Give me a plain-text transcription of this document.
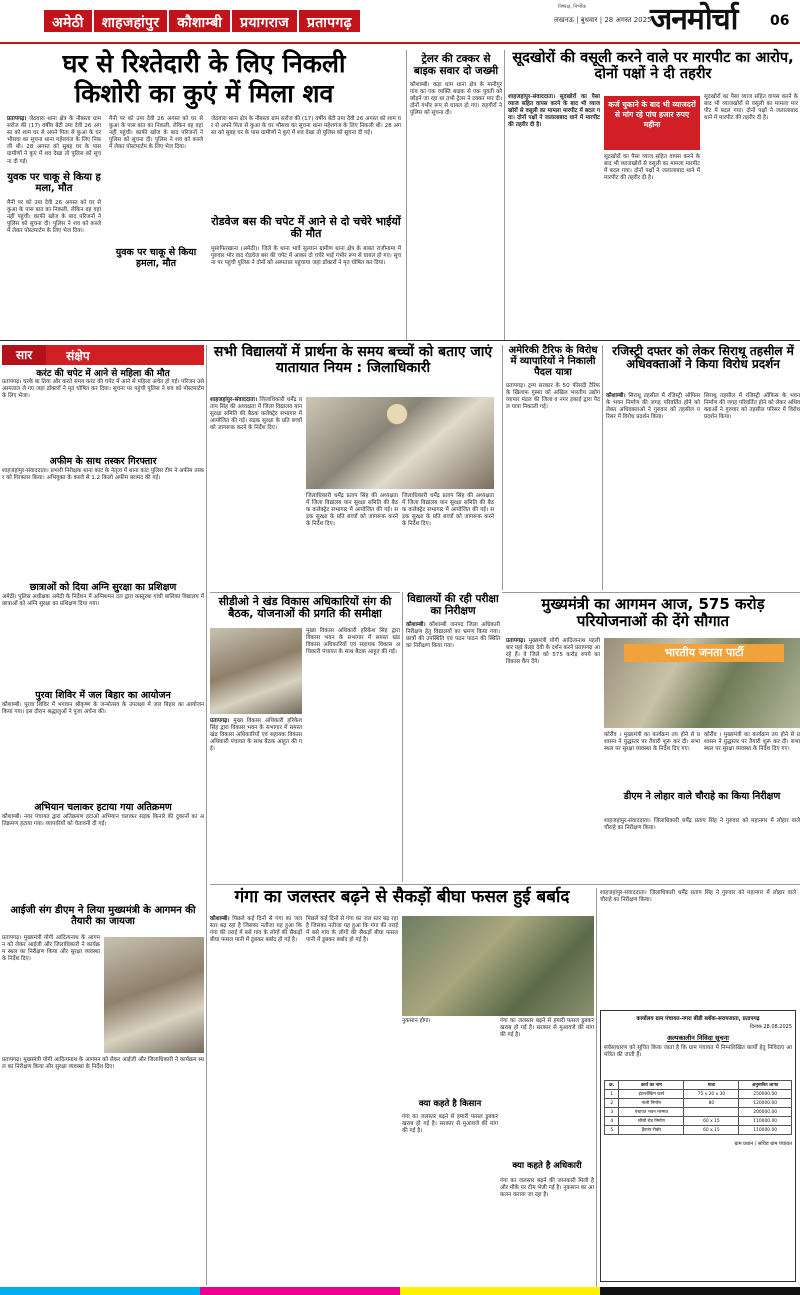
अमेठी	शाहजहांपुर	कौशाम्बी	प्रयागराज	प्रतापगढ़
निष्पक्ष, निर्भीक
लखनऊ | बुधवार | 28 अगस्त 2025
जनमोर्चा 06
घर से रिश्तेदारी के लिए निकली
किशोरी का कुएं में मिला शव
प्रतापगढ़। जेठवारा थाना क्षेत्र के नौबस्ता ग्राम सरोज की (17) वर्षीय बेटी उमा देवी 26 अगस्त को शाम घर से अपने पिता से कुआ के घर भौसवा का सूचना थाना महेशगंज के लिए निकली थी। 28 अगस्त को सुबह घर के पास ग्रामीणों ने कुएं में शव देखा तो पुलिस को सूचना दी गई।
युवक पर चाकू से किया हमला, मौत
मैनी पर को उमा देवी 26 अगस्त को घर से कुआ के पास बात का निकली, लेकिन वह वहां नहीं पहुंची। काफी खोज के बाद परिजनों ने पुलिस को सूचना दी। पुलिस ने शव को कब्जे में लेकर पोस्टमार्टम के लिए भेज दिया।
मैनी पर को उमा देवी 26 अगस्त को घर से कुआ के पास बात का निकली, लेकिन वह वहां नहीं पहुंची। काफी खोज के बाद परिजनों ने पुलिस को सूचना दी। पुलिस ने शव को कब्जे में लेकर पोस्टमार्टम के लिए भेज दिया।
जेठवारा थाना क्षेत्र के नौबस्ता ग्राम सरोज की (17) वर्षीय बेटी उमा देवी 26 अगस्त को शाम घर से अपने पिता से कुआ के घर भौसवा का सूचना थाना महेशगंज के लिए निकली थी। 28 अगस्त को सुबह घर के पास ग्रामीणों ने कुएं में शव देखा तो पुलिस को सूचना दी गई।
रोडवेज बस की चपेट में आने से दो चचेरे भाईयों की मौत
मुसाफिरखाना (अमेठी)। जिले के थाना भावे सुल्तान ग्रामीण थाना क्षेत्र के बाबत राजीनामा में गुरुवार भोर वाद रोडवेज बस की चपेट में आकर दो चचेरे भाई गंभीर रूप से घायल हो गए। सूचना पर पहुंची पुलिस ने दोनों को अस्पताल पहुंचाया जहां डॉक्टरों ने मृत घोषित कर दिया।
युवक पर चाकू से किया हमला, मौत
ट्रेलर की टक्कर से बाइक सवार दो जख्मी
कौशाम्बी। कड़ा धाम थाना क्षेत्र के मानीगुर गांव का एक व्यक्ति बाइक से एक युवती को छोड़ने जा रहा था तभी ट्रेलर ने टक्कर मार दी। दोनों गंभीर रूप से घायल हो गए। राहगीरों ने पुलिस को सूचना दी।
सूदखोरों की वसूली करने वाले पर मारपीट का आरोप, दोनों पक्षों ने दी तहरीर
शाहजहांपुर-संवाददाता। सूदखोरों का पैसा व्याज सहित वापस करने के बाद भी व्याजखोरों से वसूली का मामला मारपीट में बदल गया। दोनों पक्षों ने जलालाबाद थाने में मारपीट की तहरीर दी है।
कर्ज चुकाने के बाद भी व्याजदरों से मांग रहे पांच हजार रुपए महीना
सूदखोरों का पैसा व्याज सहित वापस करने के बाद भी व्याजखोरों से वसूली का मामला मारपीट में बदल गया। दोनों पक्षों ने जलालाबाद थाने में मारपीट की तहरीर दी है।
सूदखोरों का पैसा व्याज सहित वापस करने के बाद भी व्याजखोरों से वसूली का मामला मारपीट में बदल गया। दोनों पक्षों ने जलालाबाद थाने में मारपीट की तहरीर दी है।
सार	संक्षेप
करंट की चपेट में आने से महिला की मौत
प्रतापगढ़। घरके बा तिया और करते समय करंट की चपेट में आने से महिला अचेत हो गई। परिजन उसे अस्पताल ले गए जहां डॉक्टरों ने मृत घोषित कर दिया। सूचना पर पहुंची पुलिस ने शव को पोस्टमार्टम के लिए भेजा।
अफीम के साथ तस्कर गिरफ्तार
शाहजहांपुर-संवाददाता। प्रभारी निरीक्षक थाना कांट के नेतृत्व में थाना कांट पुलिस टीम ने अफीम तस्कर को गिरफ्तार किया। अभियुक्त के कब्जे से 1.2 किलो अफीम बरामद की गई।
छात्राओं को दिया अग्नि सुरक्षा का प्रशिक्षण
अमेठी। पुलिस अधीक्षक अमेठी के निर्देशन में अग्निशमन दल द्वारा कस्तूरबा गांधी बालिका विद्यालय में छात्राओं को अग्नि सुरक्षा का प्रशिक्षण दिया गया।
पुरवा शिविर में जल बिहार का आयोजन
कौशाम्बी। पुरवा शिविर में भगवान श्रीकृष्ण के जन्मोत्सव के उपलक्ष्य में जल बिहार का आयोजन किया गया। इस दौरान श्रद्धालुओं ने पूजा अर्चना की।
अभियान चलाकर हटाया गया अतिक्रमण
कौशाम्बी। नगर पंचायत द्वारा अतिक्रमण हटाओ अभियान चलाकर सड़क किनारे की दुकानों का अतिक्रमण हटाया गया। व्यापारियों को चेतावनी दी गई।
आईजी संग डीएम ने लिया मुख्यमंत्री के आगमन की तैयारी का जायजा
प्रतापगढ़। मुख्यमंत्री योगी आदित्यनाथ के आगमन को लेकर आईजी और जिलाधिकारी ने कार्यक्रम स्थल का निरीक्षण किया और सुरक्षा व्यवस्था के निर्देश दिए।
प्रतापगढ़। मुख्यमंत्री योगी आदित्यनाथ के आगमन को लेकर आईजी और जिलाधिकारी ने कार्यक्रम स्थल का निरीक्षण किया और सुरक्षा व्यवस्था के निर्देश दिए।
सभी विद्यालयों में प्रार्थना के समय बच्चों को बताए जाएं यातायात नियम : जिलाधिकारी
शाहजहांपुर-संवाददाता। जिलाधिकारी धर्मेंद्र प्रताप सिंह की अध्यक्षता में जिला विद्यालय यान सुरक्षा समिति की बैठक कलेक्ट्रेट सभागार में आयोजित की गई। सड़क सुरक्षा के प्रति बच्चों को जागरूक करने के निर्देश दिए।
जिलाधिकारी धर्मेंद्र प्रताप सिंह की अध्यक्षता में जिला विद्यालय यान सुरक्षा समिति की बैठक कलेक्ट्रेट सभागार में आयोजित की गई। सड़क सुरक्षा के प्रति बच्चों को जागरूक करने के निर्देश दिए।
जिलाधिकारी धर्मेंद्र प्रताप सिंह की अध्यक्षता में जिला विद्यालय यान सुरक्षा समिति की बैठक कलेक्ट्रेट सभागार में आयोजित की गई। सड़क सुरक्षा के प्रति बच्चों को जागरूक करने के निर्देश दिए।
सीडीओ ने खंड विकास अधिकारियों संग की बैठक, योजनाओं की प्रगति की समीक्षा
प्रतापगढ़। मुख्य विकास अधिकारी हरिकेश सिंह द्वारा विकास भवन के सभागार में समस्त खंड विकास अधिकारियों एवं सहायक विकास अधिकारी पंचायत के साथ बैठक आहूत की गई।
मुख्य विकास अधिकारी हरिकेश सिंह द्वारा विकास भवन के सभागार में समस्त खंड विकास अधिकारियों एवं सहायक विकास अधिकारी पंचायत के साथ बैठक आहूत की गई।
विद्यालयों की रही परीक्षा का निरीक्षण
कौशाम्बी। कौशाम्बी जनपद जिला अधिकारी निरीक्षण हेतु विद्यालयों का भ्रमण किया गया। छात्रों की उपस्थिति एवं पठन पाठन की स्थिति का निरीक्षण किया गया।
अमेरिकी टैरिफ के विरोध में व्यापारियों ने निकाली पैदल यात्रा
प्रतापगढ़। ट्रम्प सरकार के 50 फीसदी टैरिफ के खिलाफ गुस्सा को अखिल भारतीय उद्योग व्यापार मंडल की जिला व नगर इकाई द्वारा पैदल यात्रा निकाली गई।
रजिस्ट्री दफ्तर को लेकर सिराथू तहसील में अधिवक्ताओं ने किया विरोध प्रदर्शन
कौशाम्बी। सिराथू तहसील में रजिस्ट्री ऑफिस के भवन निर्माण की जगह परिवर्तित होने को लेकर अधिवक्ताओं ने गुरुवार को तहसील परिसर में विरोध प्रदर्शन किया।
सिराथू तहसील में रजिस्ट्री ऑफिस के भवन निर्माण की जगह परिवर्तित होने को लेकर अधिवक्ताओं ने गुरुवार को तहसील परिसर में विरोध प्रदर्शन किया।
मुख्यमंत्री का आगमन आज, 575 करोड़ परियोजनाओं की देंगे सौगात
प्रतापगढ़। मुख्यमंत्री योगी आदित्यनाथ पहली बार यहां बेल्हा देवी के दर्शन करने प्रतापगढ़ आ रहे हैं। वे जिले को 575 करोड़ रुपये का विकास कैंप देंगे।
भारतीय जनता पार्टी
कोरौंव । मुख्यमंत्री का कार्यक्रम तय होने से प्रशासन ने युद्धस्तर पर तैयारी शुरू कर दी। सभा स्थल पर सुरक्षा व्यवस्था के निर्देश दिए गए।
कोरौंव । मुख्यमंत्री का कार्यक्रम तय होने से प्रशासन ने युद्धस्तर पर तैयारी शुरू कर दी। सभा स्थल पर सुरक्षा व्यवस्था के निर्देश दिए गए।
डीएम ने लोहार वाले चौराहे का किया निरीक्षण
शाहजहांपुर-संवाददाता। जिलाधिकारी धर्मेंद्र प्रताप सिंह ने गुरुवार को महानगर में लोहार वाले चौराहे का निरीक्षण किया।
गंगा का जलस्तर बढ़ने से सैकड़ों बीघा फसल हुई बर्बाद
कौशाम्बी। पिछले कई दिनों से गंगा का जल स्तर बढ़ रहा है जिसका नतीजा यह हुआ कि गंगा की तराई में बसे गांव के लोगों की सैकड़ों बीघा फसल पानी में डूबकर बर्बाद हो गई है।
पिछले कई दिनों से गंगा का जल स्तर बढ़ रहा है जिसका नतीजा यह हुआ कि गंगा की तराई में बसे गांव के लोगों की सैकड़ों बीघा फसल पानी में डूबकर बर्बाद हो गई है।
नुकसान होगा।	गंगा का जलस्तर बढ़ने से हमारी फसल डूबकर खराब हो गई है। सरकार से मुआवजे की मांग की गई है।
क्या कहते है किसान
गंगा का जलस्तर बढ़ने से हमारी फसल डूबकर खराब हो गई है। सरकार से मुआवजे की मांग की गई है।
क्या कहते है अधिकारी
गंगा का जलस्तर बढ़ने की जानकारी मिली है और मौके पर टीम भेजी गई है। नुकसान का आकलन कराया जा रहा है।
कार्यालय ग्राम पंचायत-नगरा बीडी ब्लॉक-सरायजाता, प्रतापगढ़
दिनांक 28.08.2025
अल्पकालीन निविदा सूचना
सर्वसाधारण को सूचित किया जाता है कि ग्राम पंचायत में निम्नलिखित कार्यों हेतु निविदाएं आमंत्रित की जाती हैं।
क्र.	कार्य का नाम	मात्रा	अनुमानित लागत
1	इंटरलॉकिंग कार्य	75 x 20 x 30	250000.00
2	नाली निर्माण	80	120000.00
3	पंचायत भवन मरम्मत		200000.00
4	सीसी रोड निर्माण	60 x 15	110000.00
5	हैंडपंप रीबोर	60 x 15	110000.00
ग्राम प्रधान / सचिव ग्राम पंचायत
शाहजहांपुर-संवाददाता। जिलाधिकारी धर्मेंद्र प्रताप सिंह ने गुरुवार को महानगर में लोहार वाले चौराहे का निरीक्षण किया।
